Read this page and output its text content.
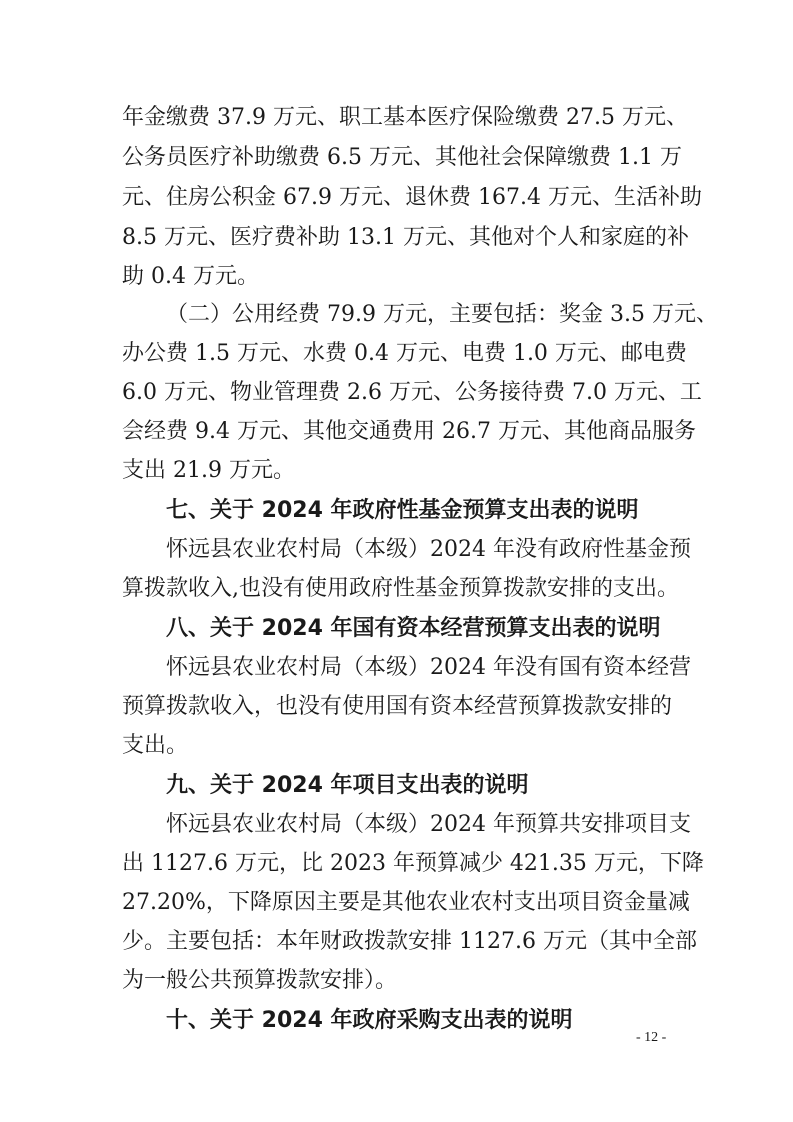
年金缴费 37.9 万元、职工基本医疗保险缴费 27.5 万元、
公务员医疗补助缴费 6.5 万元、其他社会保障缴费 1.1 万
元、住房公积金 67.9 万元、退休费 167.4 万元、生活补助
8.5 万元、医疗费补助 13.1 万元、其他对个人和家庭的补
助 0.4 万元。
（二）公用经费 79.9 万元，主要包括：奖金 3.5 万元、
办公费 1.5 万元、水费 0.4 万元、电费 1.0 万元、邮电费
6.0 万元、物业管理费 2.6 万元、公务接待费 7.0 万元、工
会经费 9.4 万元、其他交通费用 26.7 万元、其他商品服务
支出 21.9 万元。
七、关于 2024 年政府性基金预算支出表的说明
怀远县农业农村局（本级）2024 年没有政府性基金预
算拨款收入,也没有使用政府性基金预算拨款安排的支出。
八、关于 2024 年国有资本经营预算支出表的说明
怀远县农业农村局（本级）2024 年没有国有资本经营
预算拨款收入，也没有使用国有资本经营预算拨款安排的
支出。
九、关于 2024 年项目支出表的说明
怀远县农业农村局（本级）2024 年预算共安排项目支
出 1127.6 万元，比 2023 年预算减少 421.35 万元，下降
27.20%，下降原因主要是其他农业农村支出项目资金量减
少。主要包括：本年财政拨款安排 1127.6 万元（其中全部
为一般公共预算拨款安排）。
十、关于 2024 年政府采购支出表的说明
- 12 -
